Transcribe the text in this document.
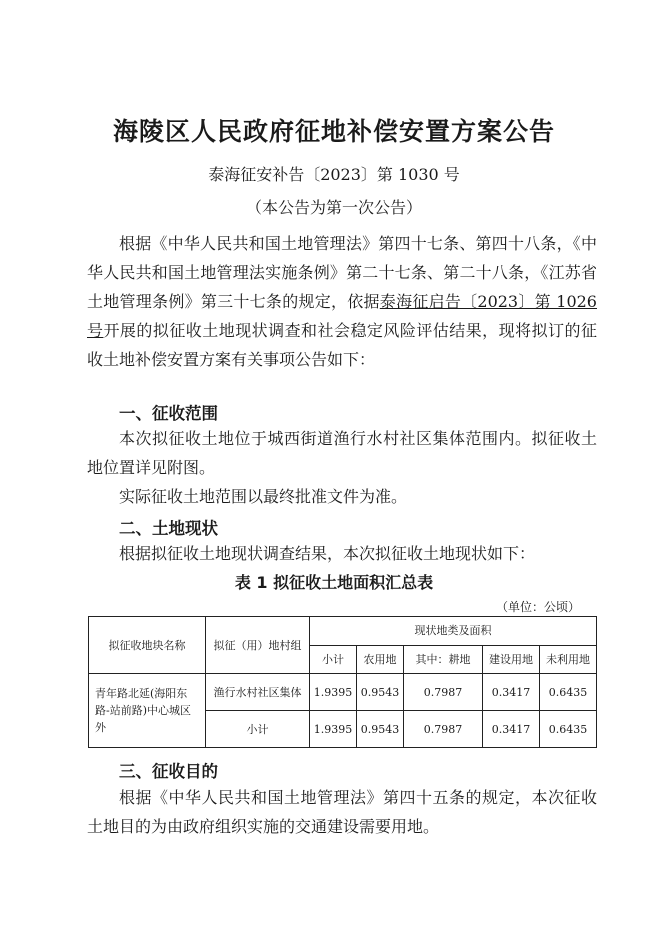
海陵区人民政府征地补偿安置方案公告
泰海征安补告〔2023〕第 1030 号
（本公告为第一次公告）
根据《中华人民共和国土地管理法》第四十七条、第四十八条，《中华人民共和国土地管理法实施条例》第二十七条、第二十八条，《江苏省土地管理条例》第三十七条的规定，依据泰海征启告〔2023〕第 1026 号开展的拟征收土地现状调查和社会稳定风险评估结果，现将拟订的征收土地补偿安置方案有关事项公告如下：
一、征收范围
本次拟征收土地位于城西街道渔行水村社区集体范围内。拟征收土地位置详见附图。
实际征收土地范围以最终批准文件为准。
二、土地现状
根据拟征收土地现状调查结果，本次拟征收土地现状如下：
表 1 拟征收土地面积汇总表
（单位：公顷）
拟征收地块名称	拟征（用）地村组	现状地类及面积				
		小计	农用地	其中：耕地	建设用地	未利用地
青年路北延(海阳东路-站前路)中心城区外	渔行水村社区集体	1.9395	0.9543	0.7987	0.3417	0.6435
	小计	1.9395	0.9543	0.7987	0.3417	0.6435
三、征收目的
根据《中华人民共和国土地管理法》第四十五条的规定，本次征收土地目的为由政府组织实施的交通建设需要用地。
